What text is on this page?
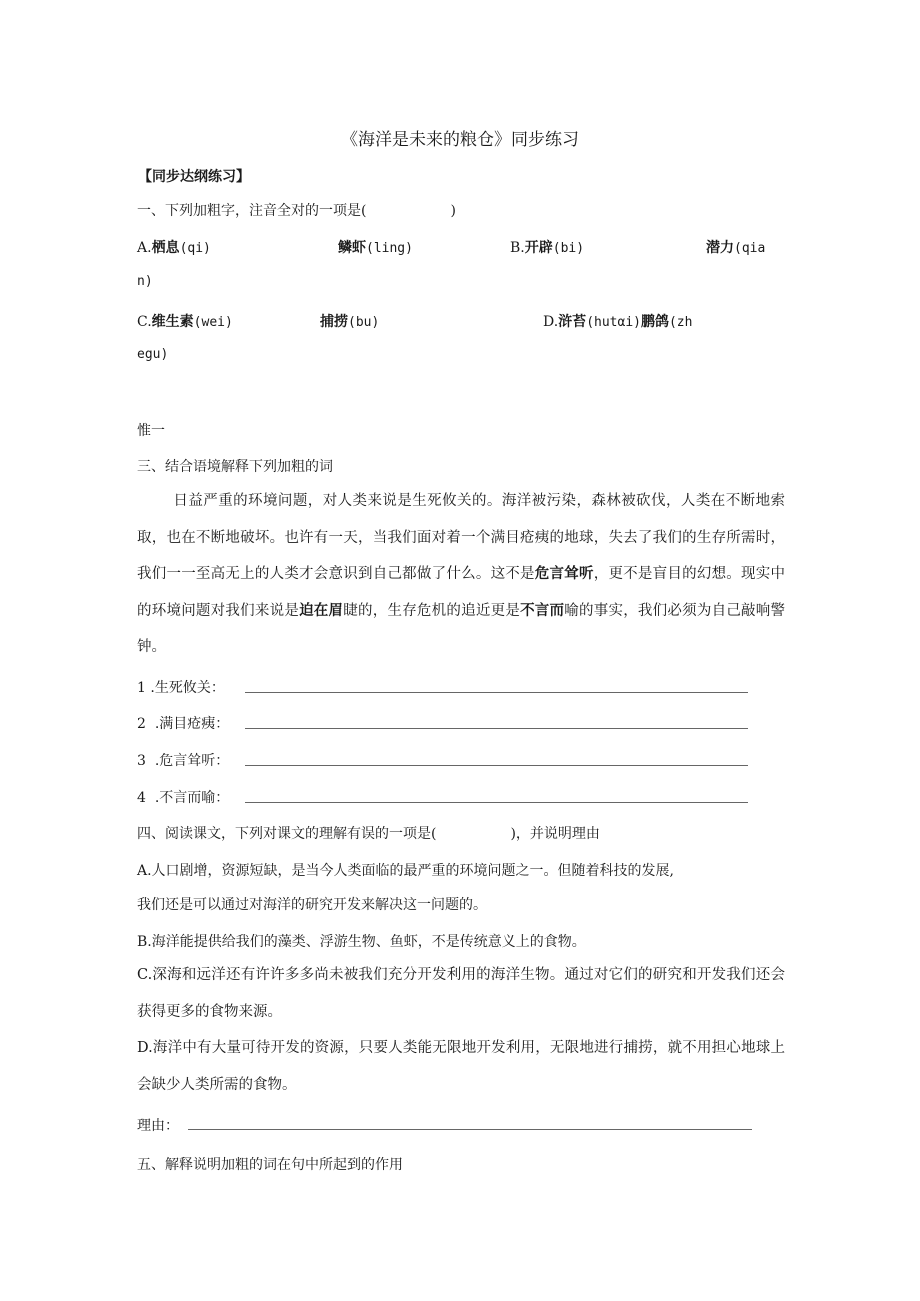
《海洋是未来的粮仓》同步练习
【同步达纲练习】
一、下列加粗字，注音全对的一项是(	)
A.栖息(qi)	鳞虾(ling)	B.开辟(bi)	潜力(qia
n)
C.维生素(wei)	捕捞(bu)	D.浒苔(hutαi)鹏鸽(zh
egu)
惟一
三、结合语境解释下列加粗的词
日益严重的环境问题，对人类来说是生死攸关的。海洋被污染，森林被砍伐，人类在不断地索取，也在不断地破坏。也许有一天，当我们面对着一个满目疮痍的地球，失去了我们的生存所需时，我们一一至高无上的人类才会意识到自己都做了什么。这不是危言耸听，更不是盲目的幻想。现实中的环境问题对我们来说是迫在眉睫的，生存危机的追近更是不言而喻的事实，我们必须为自己敲响警钟。
1 .生死攸关：
2 .满目疮痍：
3 .危言耸听：
4 .不言而喻：
四、阅读课文，下列对课文的理解有误的一项是(	)，并说明理由
A.人口剧增，资源短缺，是当今人类面临的最严重的环境问题之一。但随着科技的发展,
我们还是可以通过对海洋的研究开发来解决这一问题的。
B.海洋能提供给我们的藻类、浮游生物、鱼虾，不是传统意义上的食物。
C.深海和远洋还有许许多多尚未被我们充分开发利用的海洋生物。通过对它们的研究和开发我们还会获得更多的食物来源。
D.海洋中有大量可待开发的资源，只要人类能无限地开发利用，无限地进行捕捞，就不用担心地球上会缺少人类所需的食物。
理由：
五、解释说明加粗的词在句中所起到的作用
